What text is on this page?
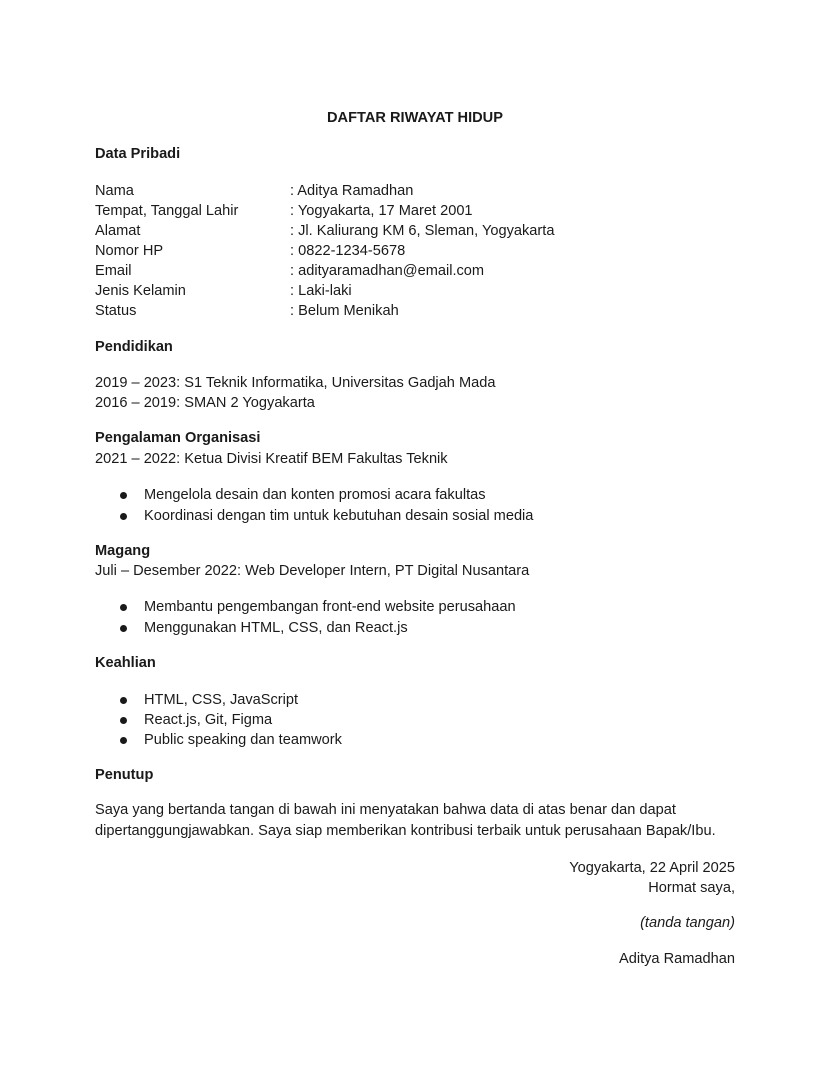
DAFTAR RIWAYAT HIDUP
Data Pribadi
Nama	: Aditya Ramadhan
Tempat, Tanggal Lahir	: Yogyakarta, 17 Maret 2001
Alamat	: Jl. Kaliurang KM 6, Sleman, Yogyakarta
Nomor HP	: 0822-1234-5678
Email	: adityaramadhan@email.com
Jenis Kelamin	: Laki-laki
Status	: Belum Menikah
Pendidikan
2019 – 2023: S1 Teknik Informatika, Universitas Gadjah Mada
2016 – 2019: SMAN 2 Yogyakarta
Pengalaman Organisasi
2021 – 2022: Ketua Divisi Kreatif BEM Fakultas Teknik
Mengelola desain dan konten promosi acara fakultas
Koordinasi dengan tim untuk kebutuhan desain sosial media
Magang
Juli – Desember 2022: Web Developer Intern, PT Digital Nusantara
Membantu pengembangan front-end website perusahaan
Menggunakan HTML, CSS, dan React.js
Keahlian
HTML, CSS, JavaScript
React.js, Git, Figma
Public speaking dan teamwork
Penutup
Saya yang bertanda tangan di bawah ini menyatakan bahwa data di atas benar dan dapat dipertanggungjawabkan. Saya siap memberikan kontribusi terbaik untuk perusahaan Bapak/Ibu.
Yogyakarta, 22 April 2025
Hormat saya,
(tanda tangan)
Aditya Ramadhan
